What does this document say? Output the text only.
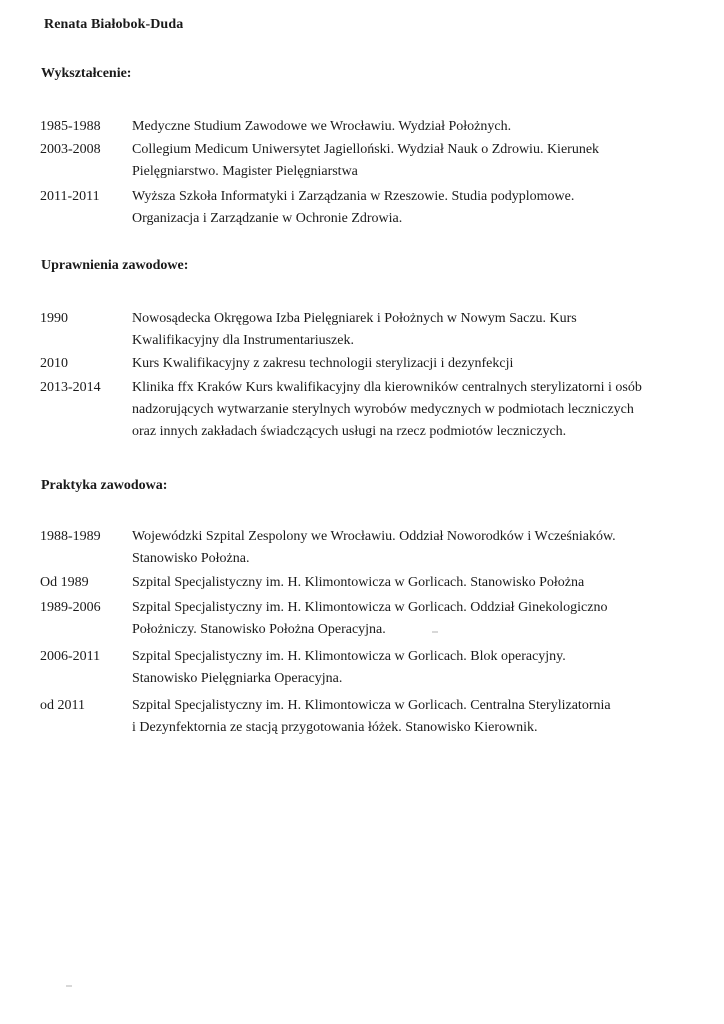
Renata Białobok-Duda
Wykształcenie:
1985-1988	Medyczne Studium Zawodowe we Wrocławiu. Wydział Położnych.
2003-2008	Collegium Medicum Uniwersytet Jagielloński. Wydział Nauk o Zdrowiu. Kierunek
Pielęgniarstwo. Magister Pielęgniarstwa
2011-2011	Wyższa Szkoła Informatyki i Zarządzania w Rzeszowie. Studia podyplomowe.
Organizacja i Zarządzanie w Ochronie Zdrowia.
Uprawnienia zawodowe:
1990	Nowosądecka Okręgowa Izba Pielęgniarek i Położnych w Nowym Saczu. Kurs
Kwalifikacyjny dla Instrumentariuszek.
2010	Kurs Kwalifikacyjny z zakresu technologii sterylizacji i dezynfekcji
2013-2014	Klinika ffx Kraków Kurs kwalifikacyjny dla kierowników centralnych sterylizatorni i osób
nadzorujących wytwarzanie sterylnych wyrobów medycznych w podmiotach leczniczych
oraz innych zakładach świadczących usługi na rzecz podmiotów leczniczych.
Praktyka zawodowa:
1988-1989	Wojewódzki Szpital Zespolony we Wrocławiu. Oddział Noworodków i Wcześniaków.
Stanowisko Położna.
Od 1989	Szpital Specjalistyczny im. H. Klimontowicza w Gorlicach. Stanowisko Położna
1989-2006	Szpital Specjalistyczny im. H. Klimontowicza w Gorlicach. Oddział Ginekologiczno
Położniczy. Stanowisko Położna Operacyjna.
2006-2011	Szpital Specjalistyczny im. H. Klimontowicza w Gorlicach. Blok operacyjny.
Stanowisko Pielęgniarka Operacyjna.
od 2011	Szpital Specjalistyczny im. H. Klimontowicza w Gorlicach. Centralna Sterylizatornia
i Dezynfektornia ze stacją przygotowania łóżek. Stanowisko Kierownik.
